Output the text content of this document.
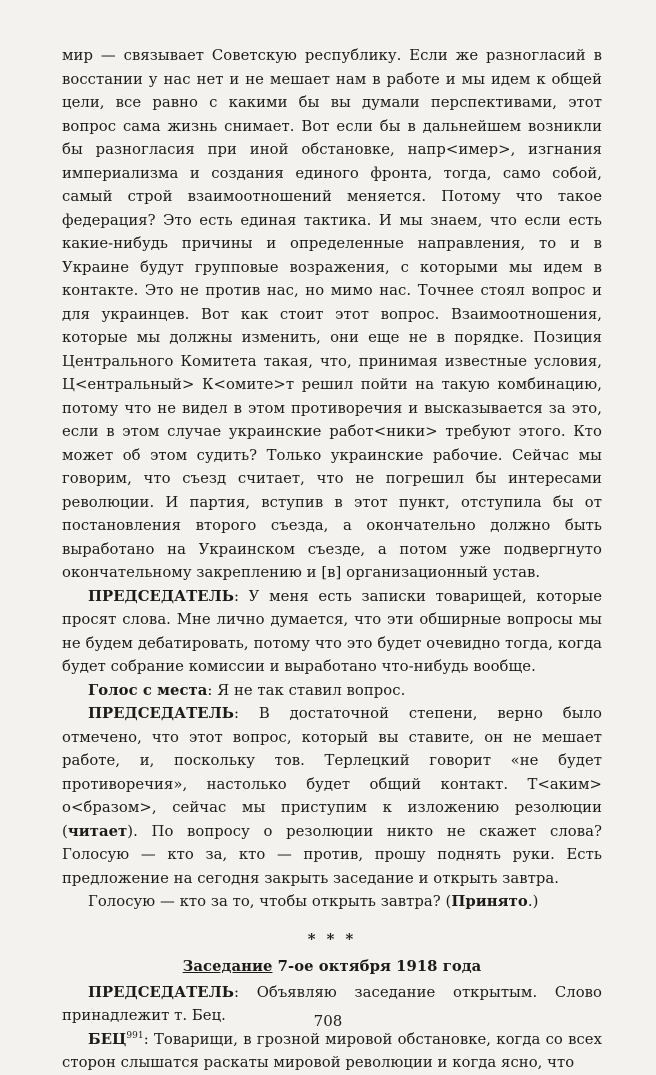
мир — связывает Советскую республику. Если же разногласий в восстании у нас нет и не мешает нам в работе и мы идем к общей цели, все равно с какими бы вы думали перспективами, этот вопрос сама жизнь снимает. Вот если бы в дальнейшем возникли бы разногласия при иной обстановке, напр<имер>, изгнания империализма и создания единого фронта, тогда, само собой, самый строй взаимоотношений меняется. Потому что такое федерация? Это есть единая тактика. И мы знаем, что если есть какие-нибудь причины и определенные направления, то и в Украине будут групповые возражения, с которыми мы идем в контакте. Это не против нас, но мимо нас. Точнее стоял вопрос и для украинцев. Вот как стоит этот вопрос. Взаимоотношения, которые мы должны изменить, они еще не в порядке. Позиция Центрального Комитета такая, что, принимая известные условия, Ц<ентральный> К<омите>т решил пойти на такую комбинацию, потому что не видел в этом противоречия и высказывается за это, если в этом случае украинские работ<ники> требуют этого. Кто может об этом судить? Только украинские рабочие. Сейчас мы говорим, что съезд считает, что не погрешил бы интересами революции. И партия, вступив в этот пункт, отступила бы от постановления второго съезда, а окончательно должно быть выработано на Украинском съезде, а потом уже подвергнуто окончательному закреплению и [в] организационный устав.

ПРЕДСЕДАТЕЛЬ: У меня есть записки товарищей, которые просят слова. Мне лично думается, что эти обширные вопросы мы не будем дебатировать, потому что это будет очевидно тогда, когда будет собрание комиссии и выработано что-нибудь вообще.

Голос с места: Я не так ставил вопрос.

ПРЕДСЕДАТЕЛЬ: В достаточной степени, верно было отмечено, что этот вопрос, который вы ставите, он не мешает работе, и, поскольку тов. Терлецкий говорит «не будет противоречия», настолько будет общий контакт. Т<аким> о<бразом>, сейчас мы приступим к изложению резолюции (читает). По вопросу о резолюции никто не скажет слова? Голосую — кто за, кто — против, прошу поднять руки. Есть предложение на сегодня закрыть заседание и открыть завтра.

Голосую — кто за то, чтобы открыть завтра? (Принято.)

* * *
Заседание 7-ое октября 1918 года

ПРЕДСЕДАТЕЛЬ: Объявляю заседание открытым. Слово принадлежит т. Бец.

БЕЦ$^{991}$: Товарищи, в грозной мировой обстановке, когда со всех сторон слышатся раскаты мировой революции и когда ясно, что

708
